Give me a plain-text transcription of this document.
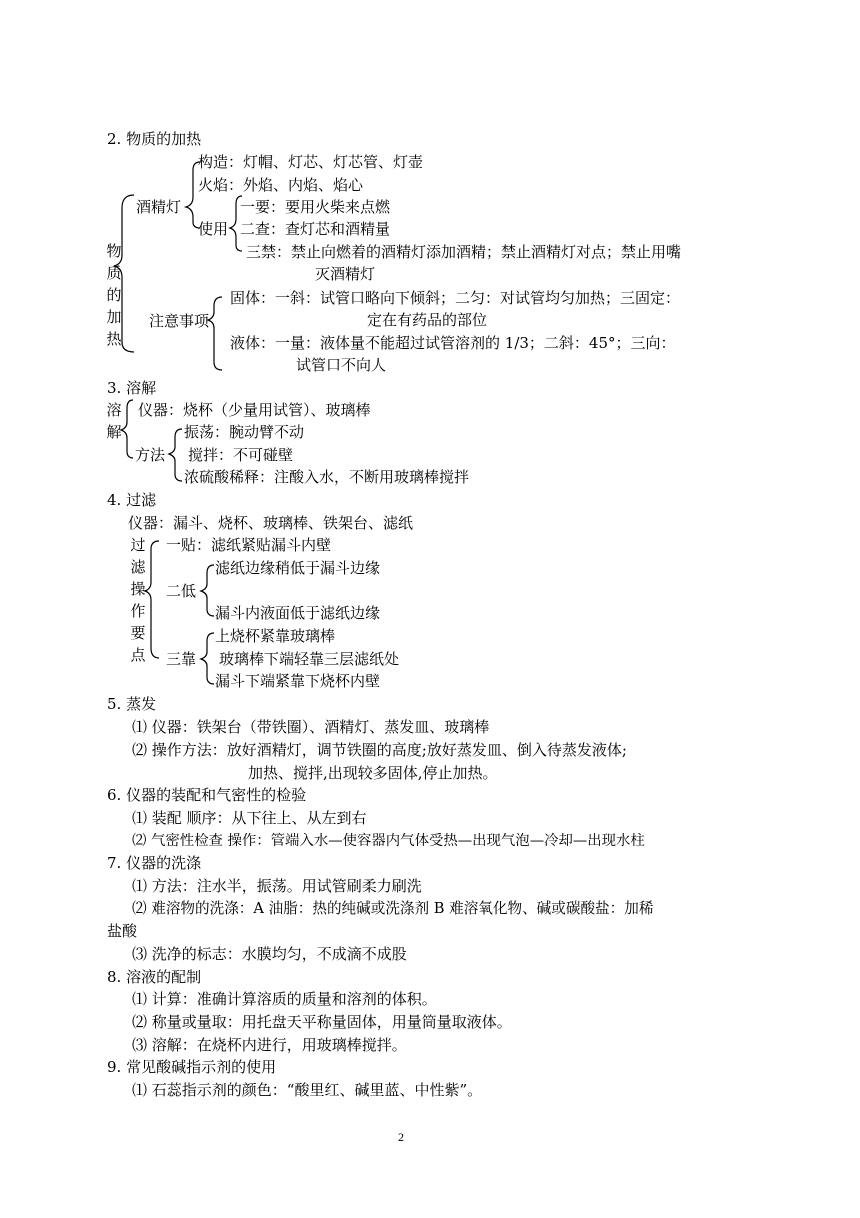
2. 物质的加热
物质的加热
酒精灯
构造：灯帽、灯芯、灯芯管、灯壶
火焰：外焰、内焰、焰心
使用
一要：要用火柴来点燃
二查：查灯芯和酒精量
三禁：禁止向燃着的酒精灯添加酒精；禁止酒精灯对点；禁止用嘴
灭酒精灯
注意事项
固体：一斜：试管口略向下倾斜；二匀：对试管均匀加热；三固定：
定在有药品的部位
液体：一量：液体量不能超过试管溶剂的 1/3；二斜：45°；三向：
试管口不向人
3. 溶解
溶解
仪器：烧杯（少量用试管）、玻璃棒
方法
振荡：腕动臂不动
搅拌：不可碰壁
浓硫酸稀释：注酸入水，不断用玻璃棒搅拌
4. 过滤
仪器：漏斗、烧杯、玻璃棒、铁架台、滤纸
过滤操作要点
一贴：滤纸紧贴漏斗内壁
二低
滤纸边缘稍低于漏斗边缘
漏斗内液面低于滤纸边缘
三靠
上烧杯紧靠玻璃棒
玻璃棒下端轻靠三层滤纸处
漏斗下端紧靠下烧杯内壁
5. 蒸发
⑴ 仪器：铁架台（带铁圈）、酒精灯、蒸发皿、玻璃棒
⑵ 操作方法：放好酒精灯，调节铁圈的高度;放好蒸发皿、倒入待蒸发液体;
加热、搅拌,出现较多固体,停止加热。
6. 仪器的装配和气密性的检验
⑴ 装配 顺序：从下往上、从左到右
⑵ 气密性检查 操作：管端入水—使容器内气体受热—出现气泡—冷却—出现水柱
7. 仪器的洗涤
⑴ 方法：注水半，振荡。用试管刷柔力刷洗
⑵ 难溶物的洗涤：A 油脂：热的纯碱或洗涤剂 B 难溶氧化物、碱或碳酸盐：加稀
盐酸
⑶ 洗净的标志：水膜均匀，不成滴不成股
8. 溶液的配制
⑴ 计算：准确计算溶质的质量和溶剂的体积。
⑵ 称量或量取：用托盘天平称量固体，用量筒量取液体。
⑶ 溶解：在烧杯内进行，用玻璃棒搅拌。
9. 常见酸碱指示剂的使用
⑴ 石蕊指示剂的颜色：“酸里红、碱里蓝、中性紫”。
2
